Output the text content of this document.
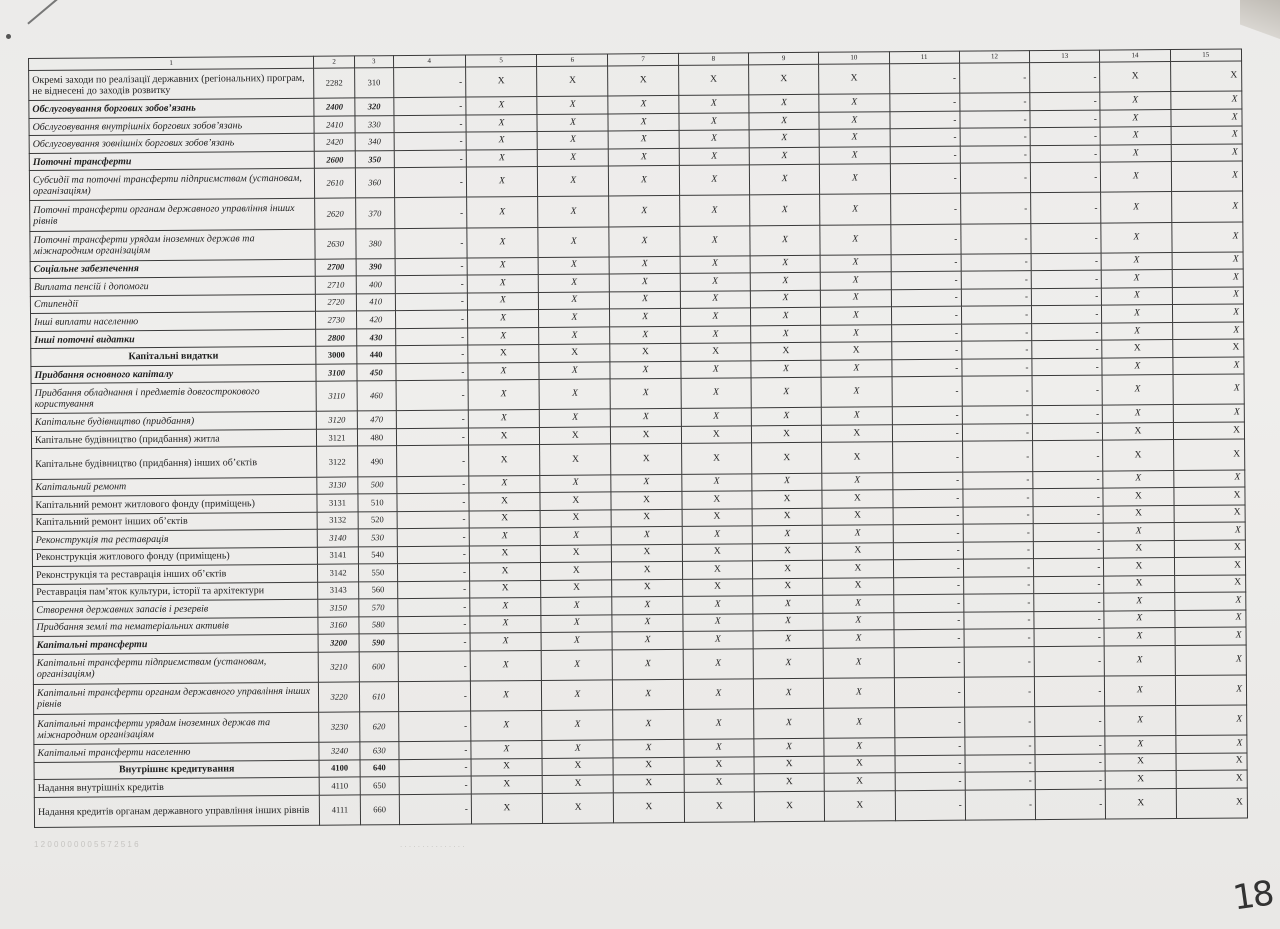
1	2	3	4	5	6	7	8	9	10	11	12	13	14	15
Окремі заходи по реалізації державних (регіональних) програм, не віднесені до заходів розвитку	2282	310	-	X	X	X	X	X	X	-	-	-	X	X
Обслуговування боргових зобов’язань	2400	320	-	X	X	X	X	X	X	-	-	-	X	X
Обслуговування внутрішніх боргових зобов’язань	2410	330	-	X	X	X	X	X	X	-	-	-	X	X
Обслуговування зовнішніх боргових зобов’язань	2420	340	-	X	X	X	X	X	X	-	-	-	X	X
Поточні трансферти	2600	350	-	X	X	X	X	X	X	-	-	-	X	X
Субсидії та поточні трансферти підприємствам (установам, організаціям)	2610	360	-	X	X	X	X	X	X	-	-	-	X	X
Поточні трансферти органам державного управління інших рівнів	2620	370	-	X	X	X	X	X	X	-	-	-	X	X
Поточні трансферти урядам іноземних держав та міжнародним організаціям	2630	380	-	X	X	X	X	X	X	-	-	-	X	X
Соціальне забезпечення	2700	390	-	X	X	X	X	X	X	-	-	-	X	X
Виплата пенсій і допомоги	2710	400	-	X	X	X	X	X	X	-	-	-	X	X
Стипендії	2720	410	-	X	X	X	X	X	X	-	-	-	X	X
Інші виплати населенню	2730	420	-	X	X	X	X	X	X	-	-	-	X	X
Інші поточні видатки	2800	430	-	X	X	X	X	X	X	-	-	-	X	X
Капітальні видатки	3000	440	-	X	X	X	X	X	X	-	-	-	X	X
Придбання основного капіталу	3100	450	-	X	X	X	X	X	X	-	-	-	X	X
Придбання обладнання і предметів довгострокового користування	3110	460	-	X	X	X	X	X	X	-	-	-	X	X
Капітальне будівництво (придбання)	3120	470	-	X	X	X	X	X	X	-	-	-	X	X
Капітальне будівництво (придбання) житла	3121	480	-	X	X	X	X	X	X	-	-	-	X	X
Капітальне будівництво (придбання) інших об’єктів	3122	490	-	X	X	X	X	X	X	-	-	-	X	X
Капітальний ремонт	3130	500	-	X	X	X	X	X	X	-	-	-	X	X
Капітальний ремонт житлового фонду (приміщень)	3131	510	-	X	X	X	X	X	X	-	-	-	X	X
Капітальний ремонт інших об’єктів	3132	520	-	X	X	X	X	X	X	-	-	-	X	X
Реконструкція та реставрація	3140	530	-	X	X	X	X	X	X	-	-	-	X	X
Реконструкція житлового фонду (приміщень)	3141	540	-	X	X	X	X	X	X	-	-	-	X	X
Реконструкція та реставрація інших об’єктів	3142	550	-	X	X	X	X	X	X	-	-	-	X	X
Реставрація пам’яток культури, історії та архітектури	3143	560	-	X	X	X	X	X	X	-	-	-	X	X
Створення державних запасів і резервів	3150	570	-	X	X	X	X	X	X	-	-	-	X	X
Придбання землі та нематеріальних активів	3160	580	-	X	X	X	X	X	X	-	-	-	X	X
Капітальні трансферти	3200	590	-	X	X	X	X	X	X	-	-	-	X	X
Капітальні трансферти підприємствам (установам, організаціям)	3210	600	-	X	X	X	X	X	X	-	-	-	X	X
Капітальні трансферти органам державного управління інших рівнів	3220	610	-	X	X	X	X	X	X	-	-	-	X	X
Капітальні трансферти урядам іноземних держав та міжнародним організаціям	3230	620	-	X	X	X	X	X	X	-	-	-	X	X
Капітальні трансферти населенню	3240	630	-	X	X	X	X	X	X	-	-	-	X	X
Внутрішнє кредитування	4100	640	-	X	X	X	X	X	X	-	-	-	X	X
Надання внутрішніх кредитів	4110	650	-	X	X	X	X	X	X	-	-	-	X	X
Надання кредитів органам державного управління інших рівнів	4111	660	-	X	X	X	X	X	X	-	-	-	X	X
1 2 0 0 0 0 0 0 0 5 5 7 2 5 1 6	. . . . . . . . . . . . . . .
18
